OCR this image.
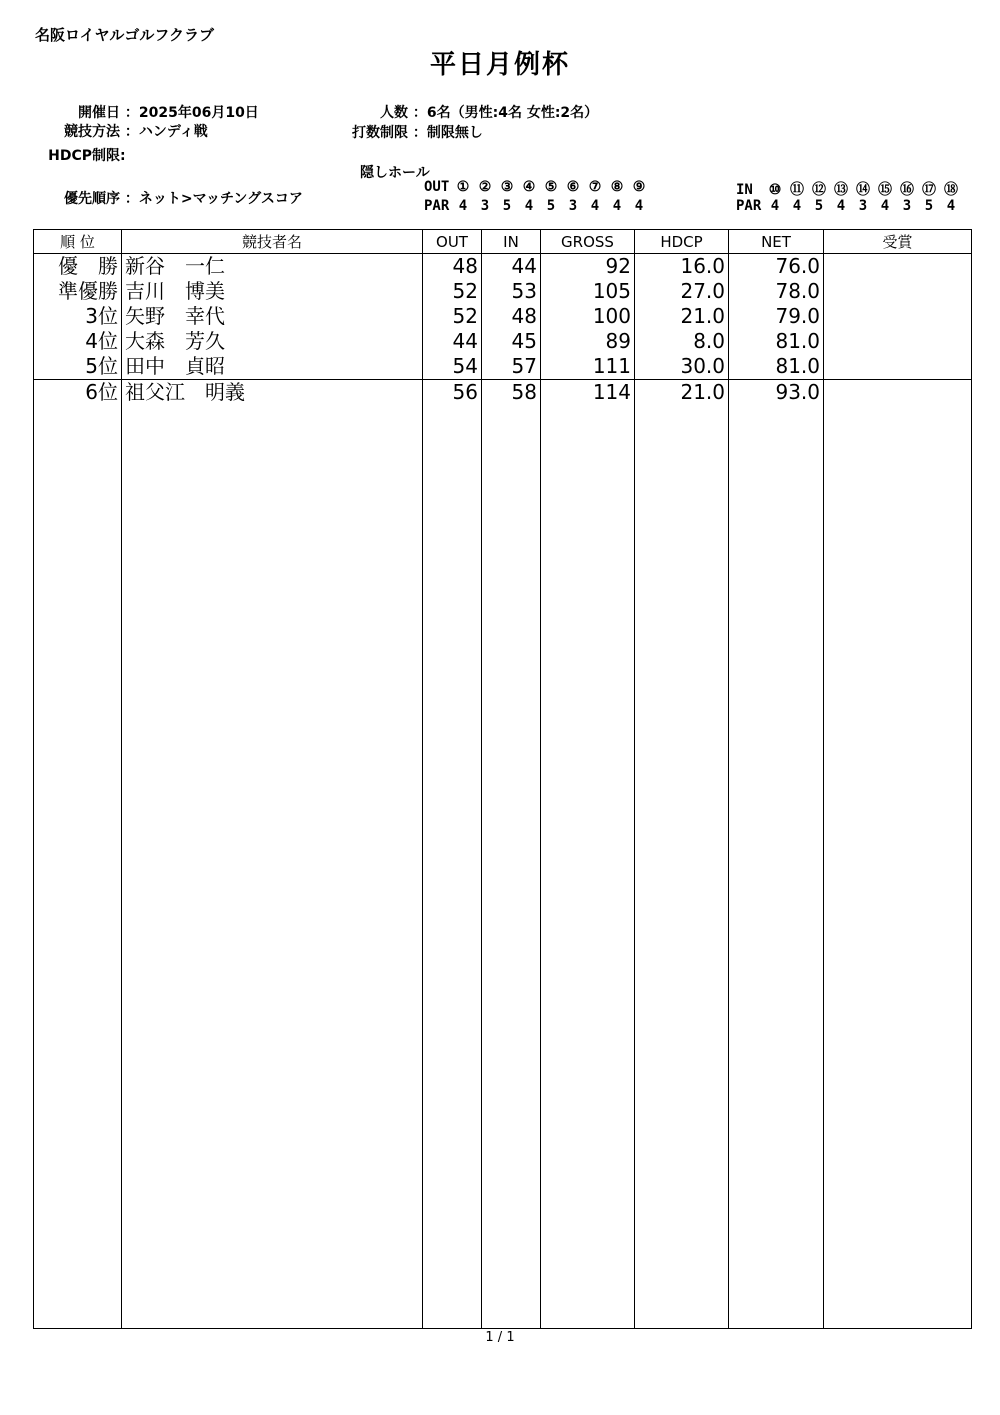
名阪ロイヤルゴルフクラブ
平日月例杯
開催日 ：2025年06月10日
競技方法 ：ハンディ戦
HDCP制限:
優先順序 ：ネット>マッチングスコア
人数 ：6名（男性:4名 女性:2名）
打数制限 ：制限無し
隠しホール
OUT ① ② ③ ④ ⑤ ⑥ ⑦ ⑧ ⑨
PAR 4 3 5 4 5 3 4 4 4
IN ⑩ ⑪ ⑫ ⑬ ⑭ ⑮ ⑯ ⑰ ⑱
PAR 4 4 5 4 3 4 3 5 4
順 位	競技者名	OUT	IN	GROSS	HDCP	NET	受賞
優　勝	新谷　一仁	48	44	92	16.0	76.0	
準優勝	吉川　博美	52	53	105	27.0	78.0	
3位	矢野　幸代	52	48	100	21.0	79.0	
4位	大森　芳久	44	45	89	8.0	81.0	
5位	田中　貞昭	54	57	111	30.0	81.0	
6位	祖父江　明義	56	58	114	21.0	93.0	

1 / 1
